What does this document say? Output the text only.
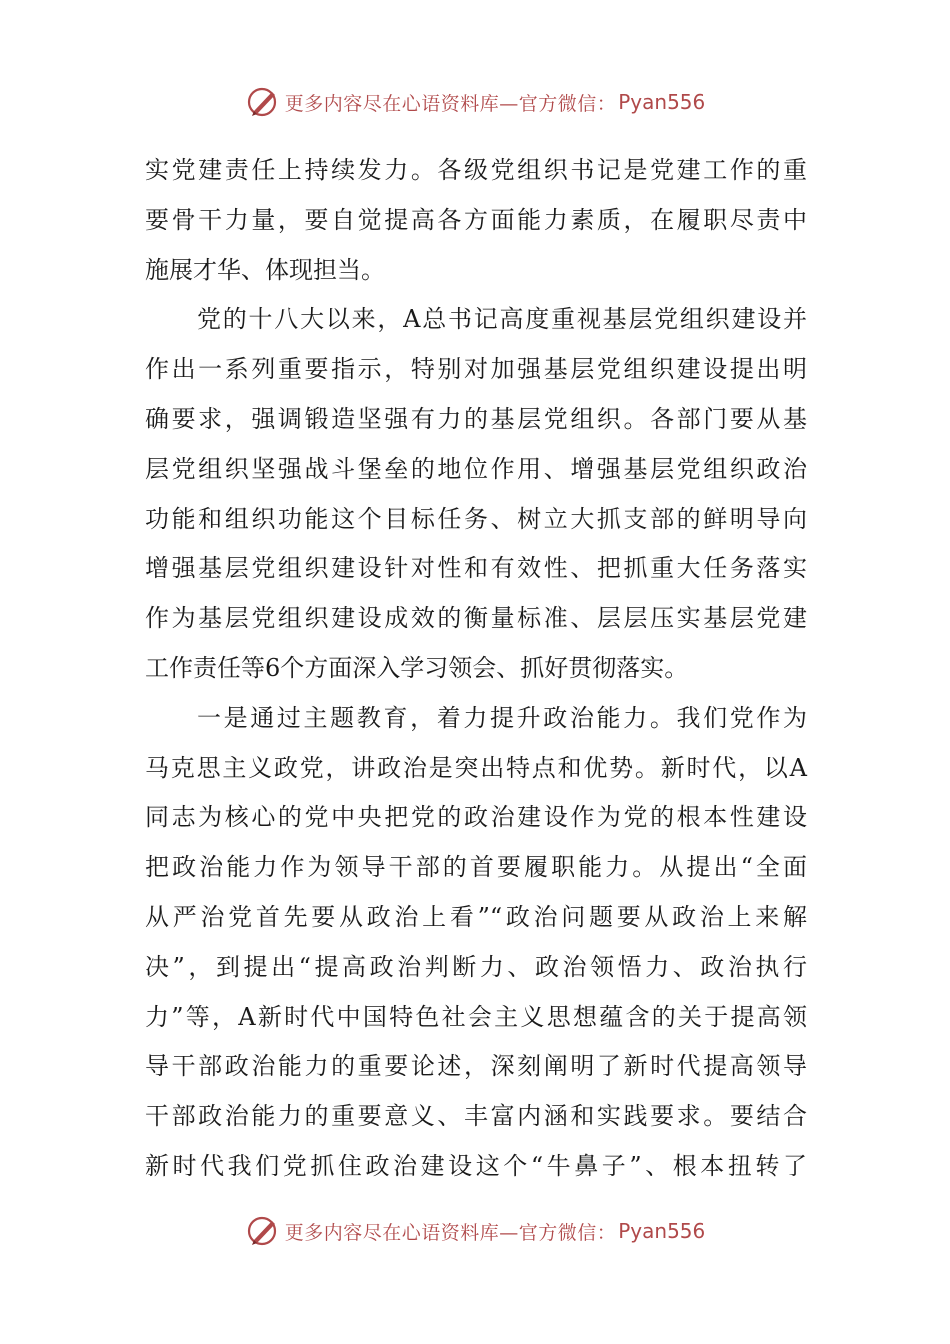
更多内容尽在心语资料库—官方微信： Pyan556
实党建责任上持续发力。各级党组织书记是党建工作的重
要骨干力量，要自觉提高各方面能力素质，在履职尽责中
施展才华、体现担当。
党的十八大以来，A总书记高度重视基层党组织建设并
作出一系列重要指示，特别对加强基层党组织建设提出明
确要求，强调锻造坚强有力的基层党组织。各部门要从基
层党组织坚强战斗堡垒的地位作用、增强基层党组织政治
功能和组织功能这个目标任务、树立大抓支部的鲜明导向
增强基层党组织建设针对性和有效性、把抓重大任务落实
作为基层党组织建设成效的衡量标准、层层压实基层党建
工作责任等6个方面深入学习领会、抓好贯彻落实。
一是通过主题教育，着力提升政治能力。我们党作为
马克思主义政党，讲政治是突出特点和优势。新时代，以A
同志为核心的党中央把党的政治建设作为党的根本性建设
把政治能力作为领导干部的首要履职能力。从提出“全面
从严治党首先要从政治上看”“政治问题要从政治上来解
决”，到提出“提高政治判断力、政治领悟力、政治执行
力”等，A新时代中国特色社会主义思想蕴含的关于提高领
导干部政治能力的重要论述，深刻阐明了新时代提高领导
干部政治能力的重要意义、丰富内涵和实践要求。要结合
新时代我们党抓住政治建设这个“牛鼻子”、根本扭转了
更多内容尽在心语资料库—官方微信： Pyan556
